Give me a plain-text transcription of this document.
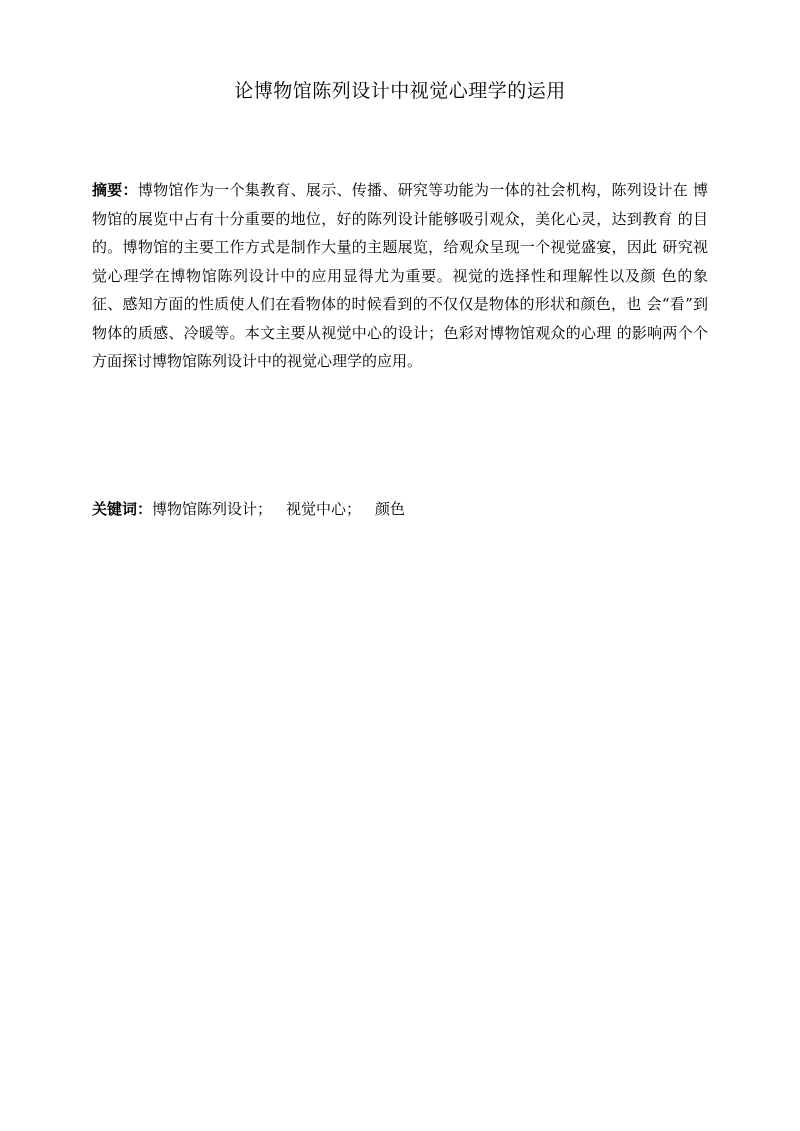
论博物馆陈列设计中视觉心理学的运用
摘要：博物馆作为一个集教育、展示、传播、研究等功能为一体的社会机构，陈列设计在 博物馆的展览中占有十分重要的地位，好的陈列设计能够吸引观众，美化心灵，达到教育 的目的。博物馆的主要工作方式是制作大量的主题展览，给观众呈现一个视觉盛宴，因此 研究视觉心理学在博物馆陈列设计中的应用显得尤为重要。视觉的选择性和理解性以及颜 色的象征、感知方面的性质使人们在看物体的时候看到的不仅仅是物体的形状和颜色，也 会“看”到物体的质感、冷暖等。本文主要从视觉中心的设计；色彩对博物馆观众的心理 的影响两个个方面探讨博物馆陈列设计中的视觉心理学的应用。
关键词：博物馆陈列设计； 视觉中心； 颜色
